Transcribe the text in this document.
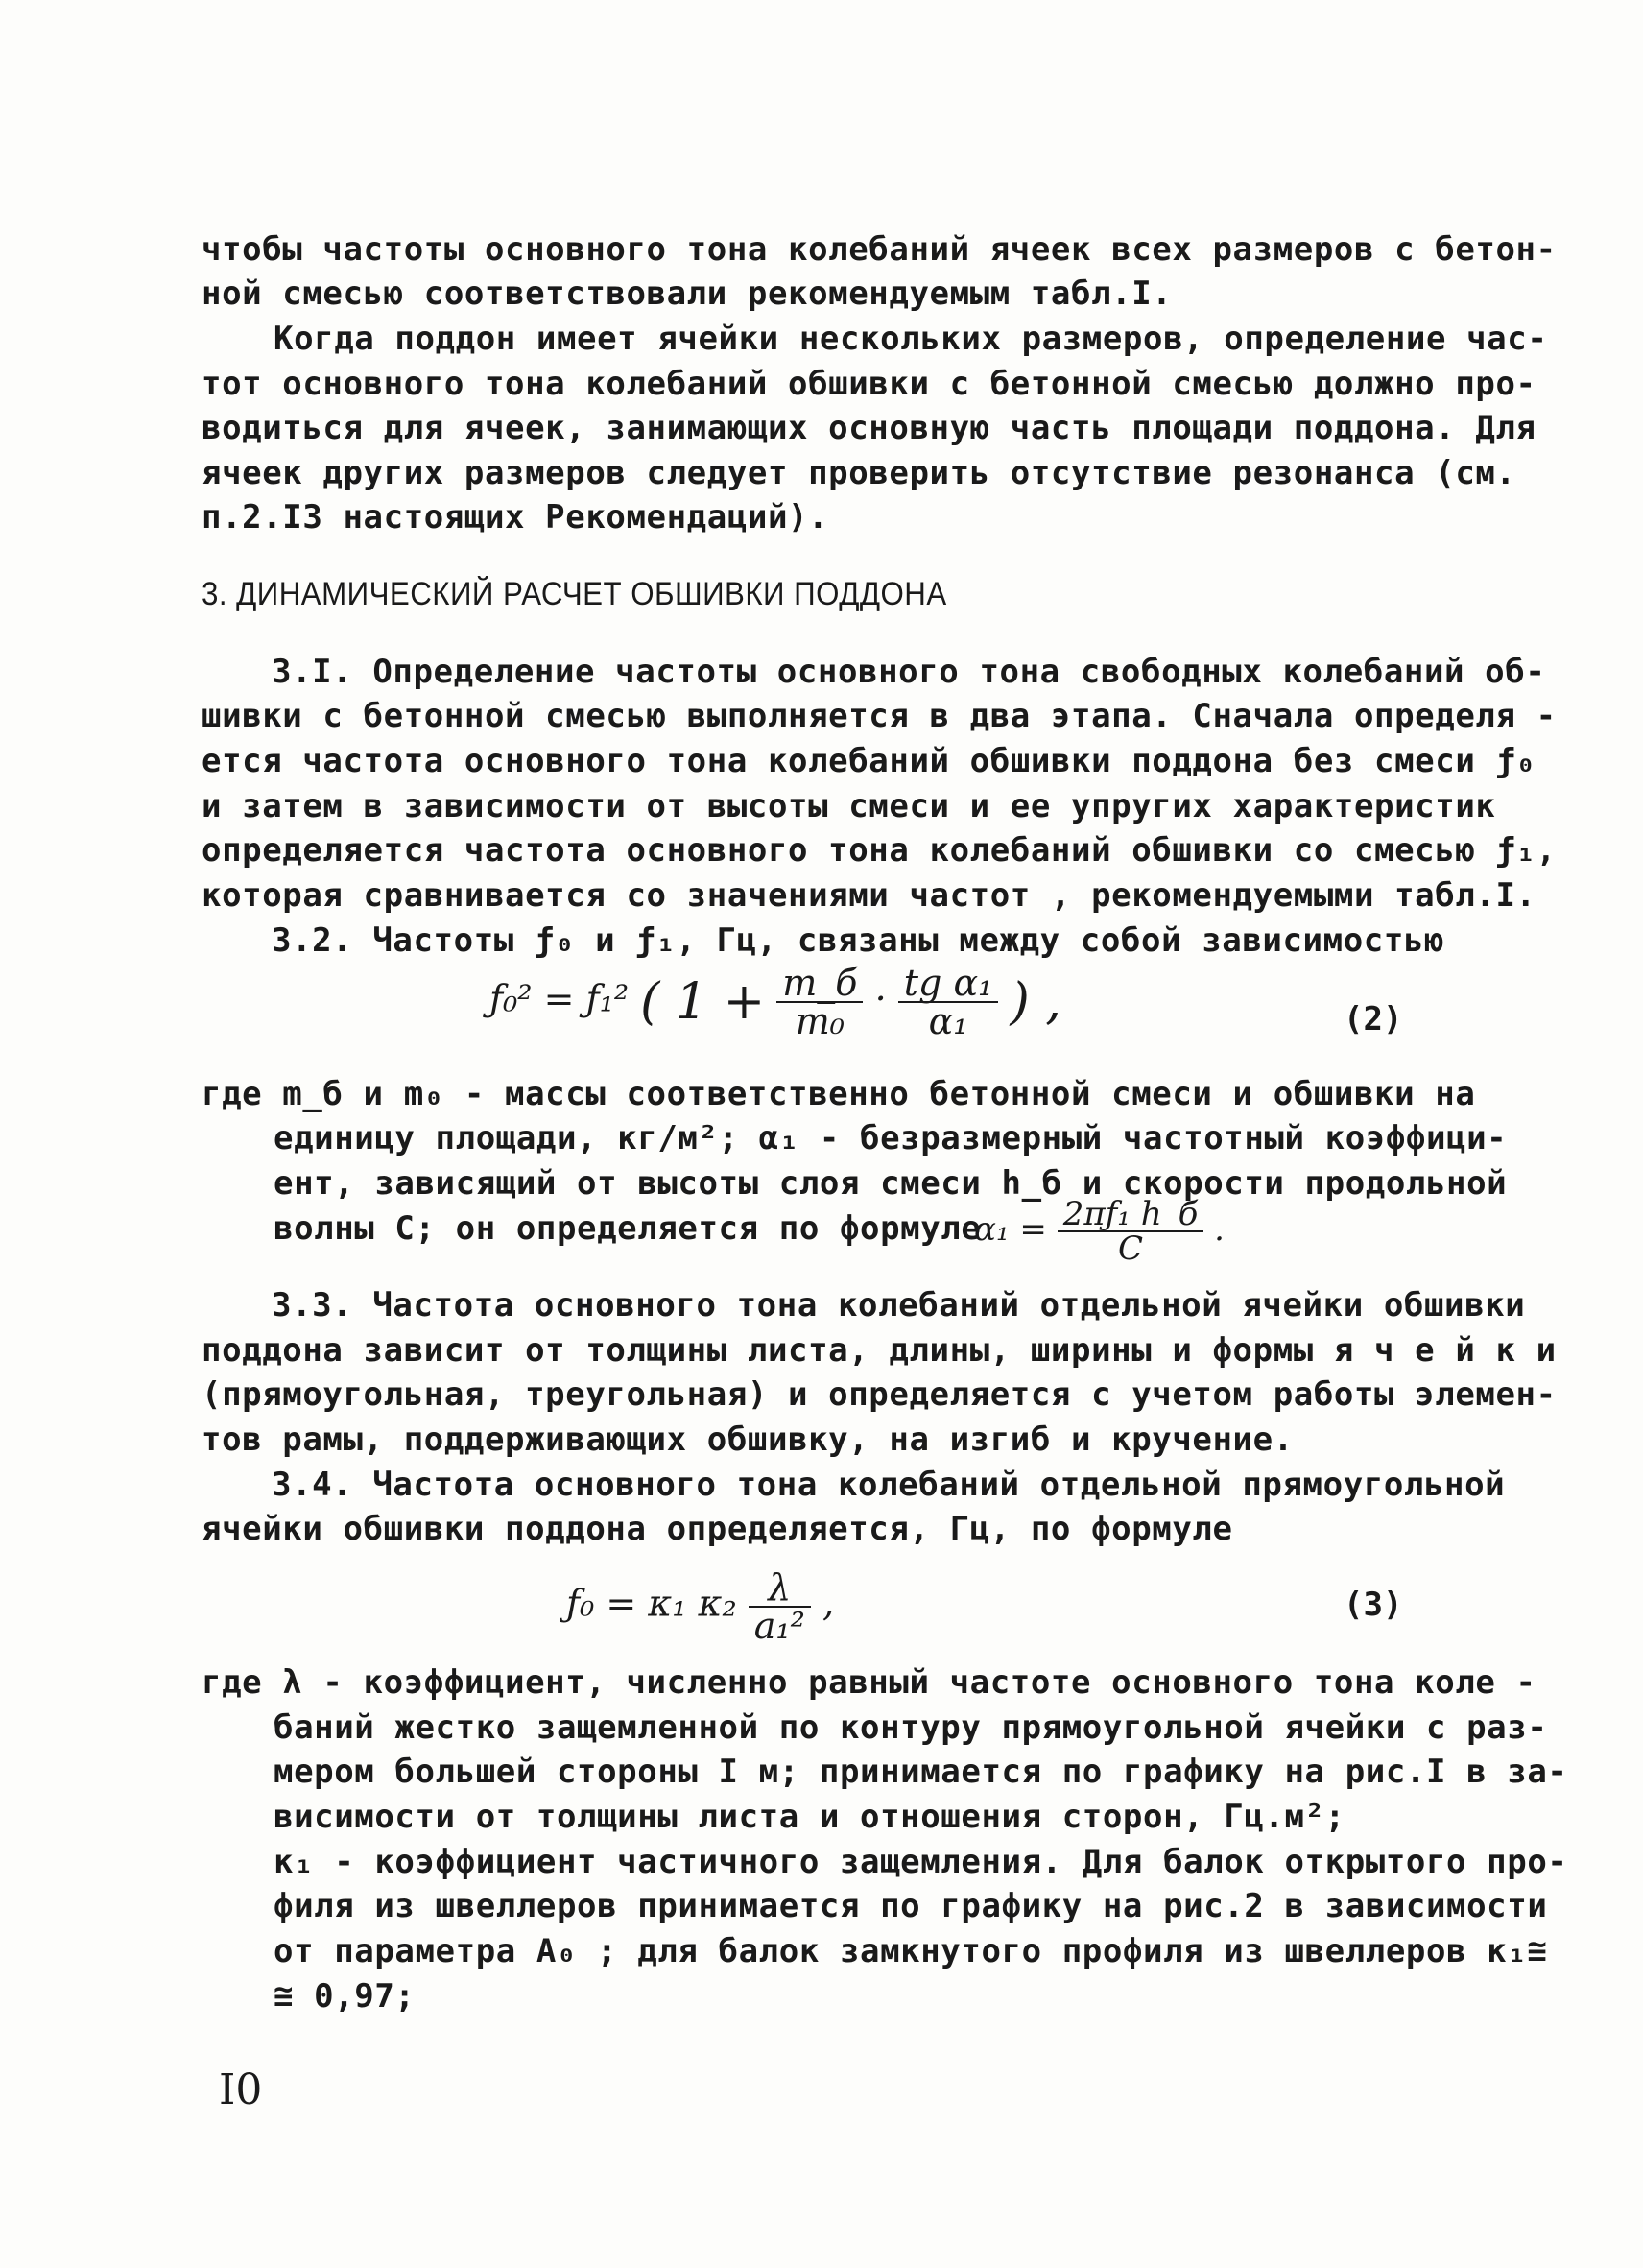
чтобы частоты основного тона колебаний ячеек всех размеров с бетон-
ной смесью соответствовали рекомендуемым табл.I.
Когда поддон имеет ячейки нескольких размеров, определение час-
тот основного тона колебаний обшивки с бетонной смесью должно про-
водиться для ячеек, занимающих основную часть площади поддона. Для
ячеек других размеров следует проверить отсутствие резонанса (см.
п.2.I3 настоящих Рекомендаций).
3. ДИНАМИЧЕСКИЙ РАСЧЕТ ОБШИВКИ ПОДДОНА
3.I. Определение частоты основного тона свободных колебаний об-
шивки с бетонной смесью выполняется в два этапа. Сначала определя -
ется частота основного тона колебаний обшивки поддона без смеси ƒ₀
и затем в зависимости от высоты смеси и ее упругих характеристик
определяется частота основного тона колебаний обшивки со смесью ƒ₁,
которая сравнивается со значениями частот , рекомендуемыми табл.I.
3.2. Частоты ƒ₀ и ƒ₁, Гц, связаны между собой зависимостью
ƒ₀² = ƒ₁² ( $1 + \frac{m\_б}{\text{m₀}} \cdot \frac{\text{tg α₁}}{\text{α₁}}$ ) ,	(2)
где m_б и m₀ - массы соответственно бетонной смеси и обшивки на
единицу площади, кг/м²; α₁ - безразмерный частотный коэффици-
ент, зависящий от высоты слоя смеси h_б и скорости продольной
волны С; он определяется по формуле
$\alpha_1 = \frac{\text{2πƒ₁ h\_б}}{C}$ .
3.3. Частота основного тона колебаний отдельной ячейки обшивки
поддона зависит от толщины листа, длины, ширины и формы я ч е й к и
(прямоугольная, треугольная) и определяется с учетом работы элемен-
тов рамы, поддерживающих обшивку, на изгиб и кручение.
3.4. Частота основного тона колебаний отдельной прямоугольной
ячейки обшивки поддона определяется, Гц, по формуле
ƒ₀ = κ₁ $\kappa_2 \frac{\lambda}{\text{a₁²}}$ ,	(3)
где λ - коэффициент, численно равный частоте основного тона коле -
баний жестко защемленной по контуру прямоугольной ячейки с раз-
мером большей стороны I м; принимается по графику на рис.I в за-
висимости от толщины листа и отношения сторон, Гц.м²;
κ₁ - коэффициент частичного защемления. Для балок открытого про-
филя из швеллеров принимается по графику на рис.2 в зависимости
от параметра A₀ ; для балок замкнутого профиля из швеллеров κ₁≅
≅ 0,97;
I0
